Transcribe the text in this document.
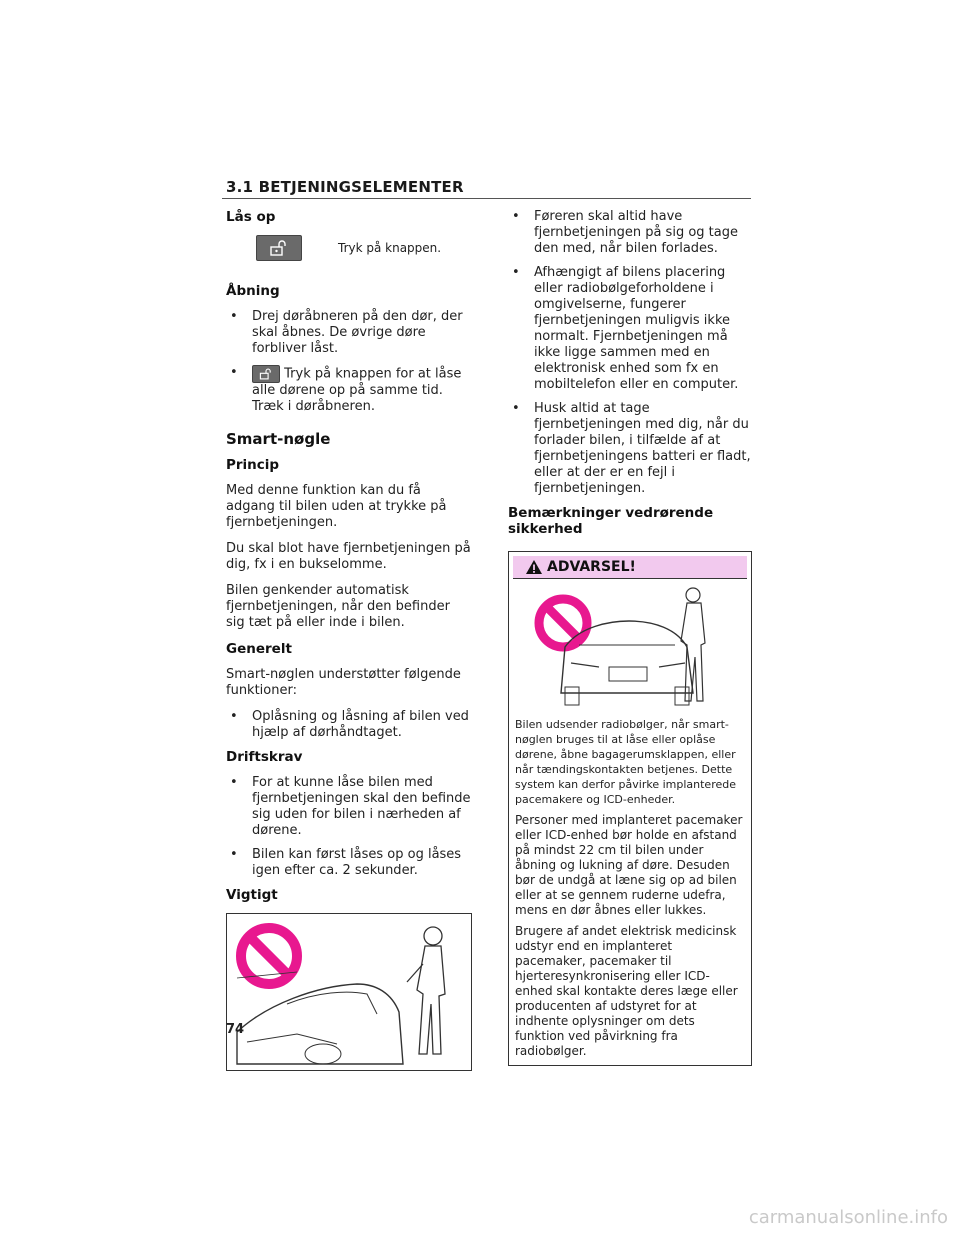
3.1 BETJENINGSELEMENTER
Lås op
Tryk på knappen.
Åbning
• Drej døråbneren på den dør, der skal åbnes. De øvrige døre forbliver låst.
• Tryk på knappen for at låse alle dørene op på samme tid. Træk i døråbneren.
Smart-nøgle
Princip

Med denne funktion kan du få adgang til bilen uden at trykke på fjernbetjeningen.

Du skal blot have fjernbetjeningen på dig, fx i en bukselomme.

Bilen genkender automatisk fjernbetjeningen, når den befinder sig tæt på eller inde i bilen.

Generelt

Smart-nøglen understøtter følgende funktioner:

• Oplåsning og låsning af bilen ved hjælp af dørhåndtaget.
Driftskrav
• For at kunne låse bilen med fjernbetjeningen skal den befinde sig uden for bilen i nærheden af dørene.
• Bilen kan først låses op og låses igen efter ca. 2 sekunder.
Vigtigt
• Føreren skal altid have fjernbetjeningen på sig og tage den med, når bilen forlades.
• Afhængigt af bilens placering eller radiobølgeforholdene i omgivelserne, fungerer fjernbetjeningen muligvis ikke normalt. Fjernbetjeningen må ikke ligge sammen med en elektronisk enhed som fx en mobiltelefon eller en computer.
• Husk altid at tage fjernbetjeningen med dig, når du forlader bilen, i tilfælde af at fjernbetjeningens batteri er fladt, eller at der er en fejl i fjernbetjeningen.
Bemærkninger vedrørende sikkerhed
ADVARSEL!

Bilen udsender radiobølger, når smart-nøglen bruges til at låse eller oplåse dørene, åbne bagagerumsklappen, eller når tændingskontakten betjenes. Dette system kan derfor påvirke implanterede pacemakere og ICD-enheder.

Personer med implanteret pacemaker eller ICD-enhed bør holde en afstand på mindst 22 cm til bilen under åbning og lukning af døre. Desuden bør de undgå at læne sig op ad bilen eller at se gennem ruderne udefra, mens en dør åbnes eller lukkes.

Brugere af andet elektrisk medicinsk udstyr end en implanteret pacemaker, pacemaker til hjerteresynkronisering eller ICD-enhed skal kontakte deres læge eller producenten af udstyret for at indhente oplysninger om dets funktion ved påvirkning fra radiobølger.

74
carmanualsonline.info
